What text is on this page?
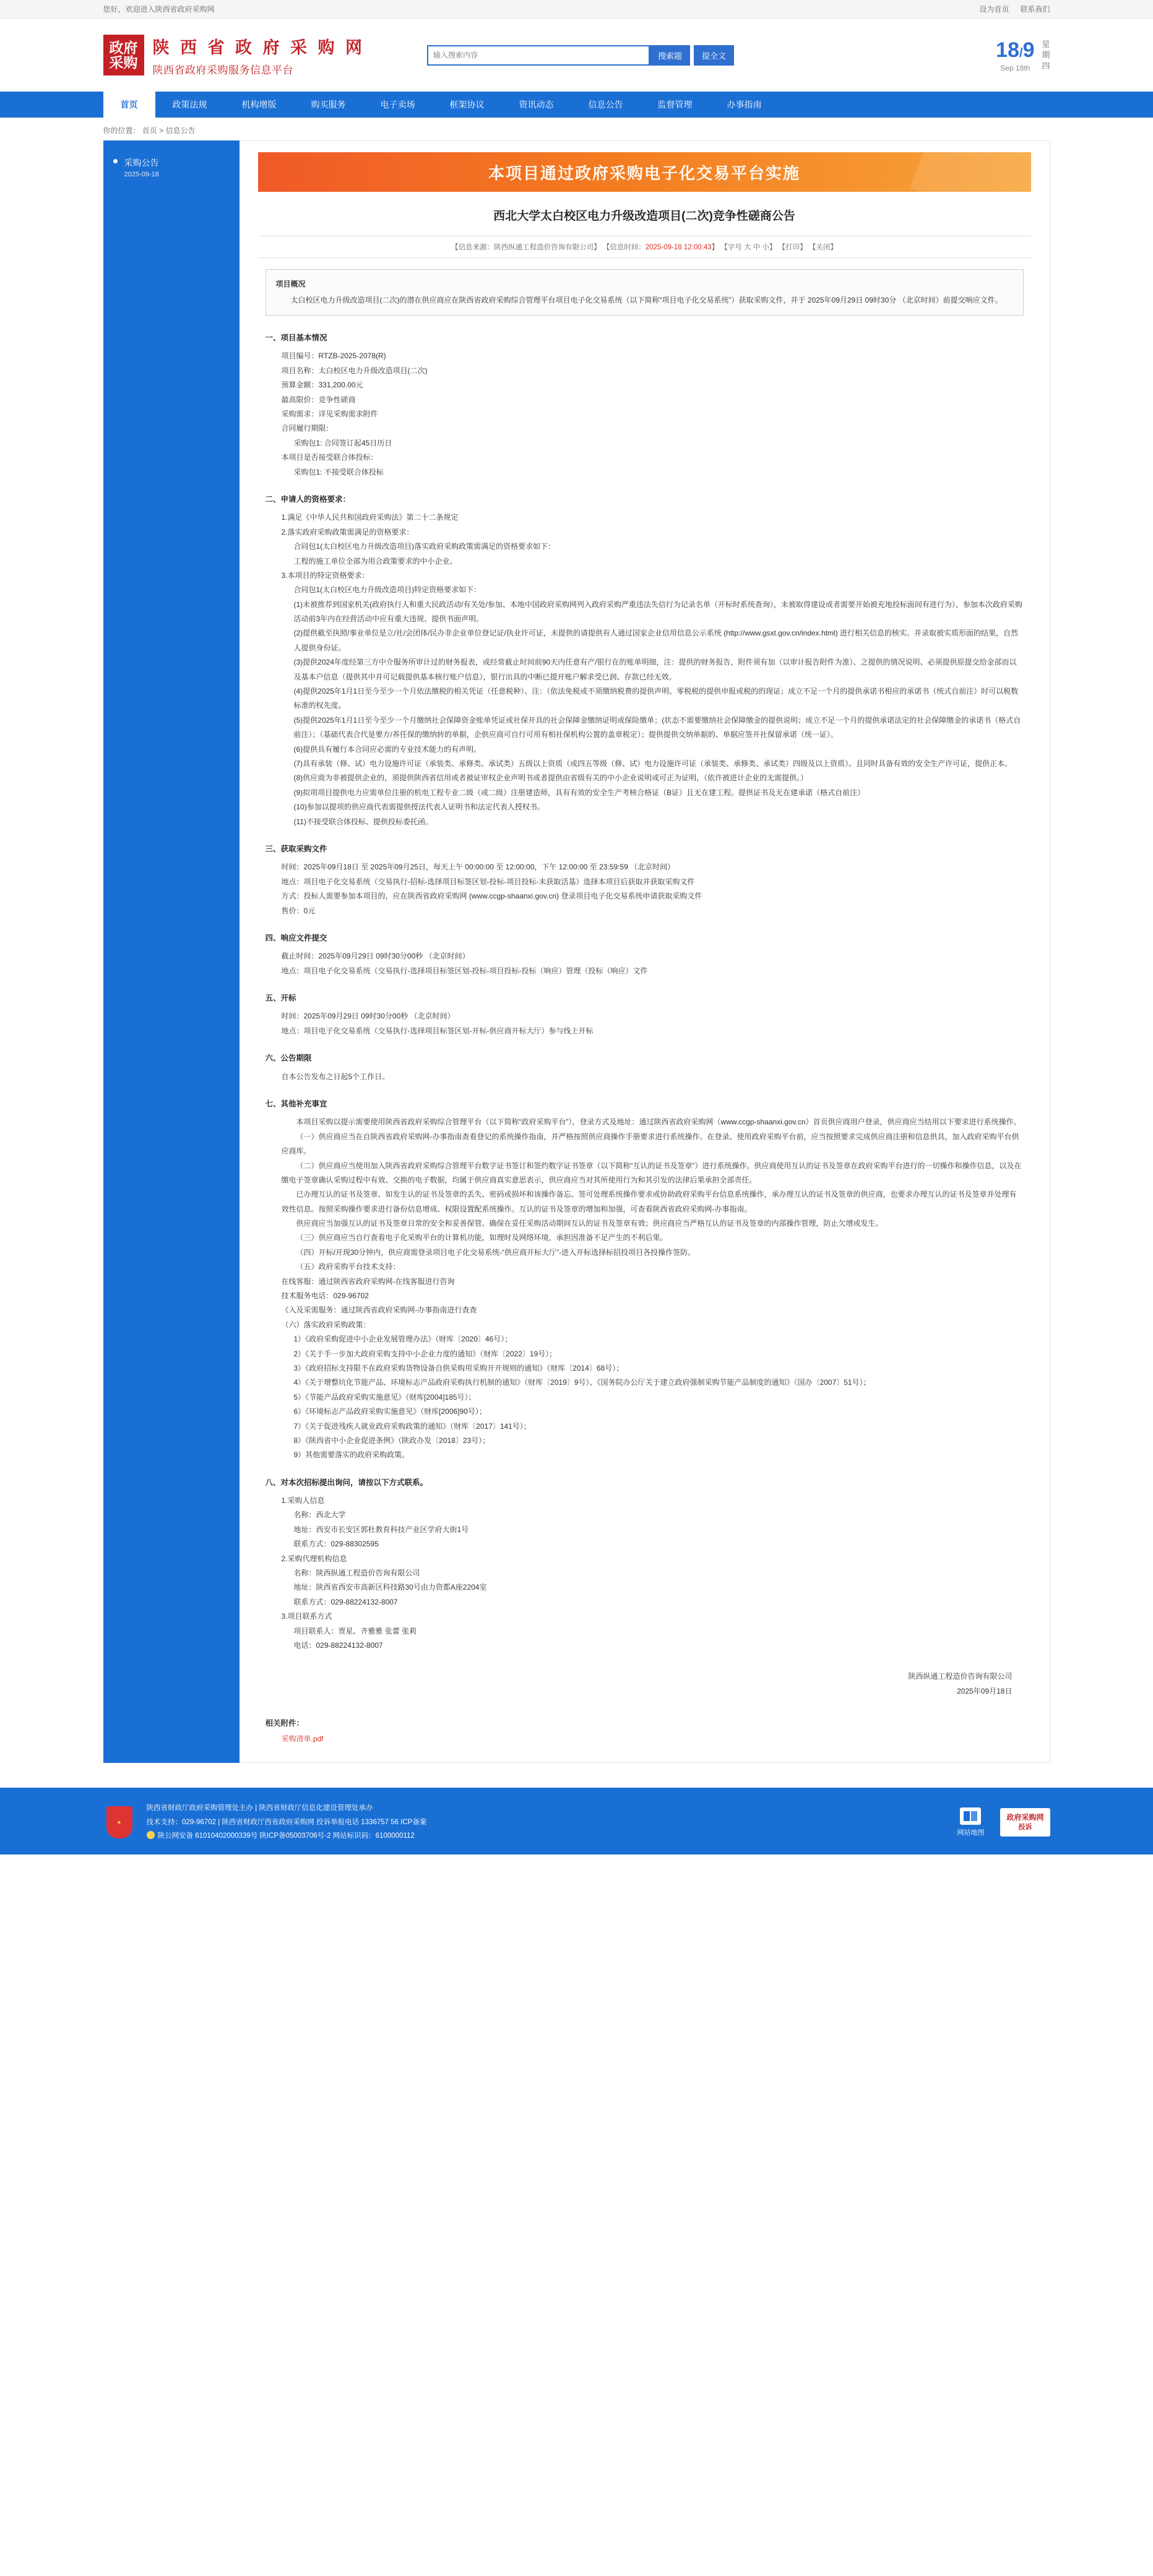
您好，欢迎进入陕西省政府采购网	设为首页 联系我们
政府
采购
陕 西 省 政 府 采 购 网
陕西省政府采购服务信息平台
输入搜索内容
搜索题	提全文	18/9
Sep 18th
星
期
四
首页	政策法规	机构增版	购买服务	电子卖场	框架协议	资讯动态	信息公告	监督管理	办事指南
你的位置： 首页 > 信息公告
采购公告
2025-09-18	本项目通过政府采购电子化交易平台实施
西北大学太白校区电力升级改造项目(二次)竞争性磋商公告
【信息来源：陕西纵通工程造价咨询有限公司】 【信息时间：2025-09-18 12:00:43】 【字号 大 中 小】 【打印】 【关闭】
项目概况
太白校区电力升级改造项目(二次)的潜在供应商应在陕西省政府采购综合管理平台项目电子化交易系统（以下简称“项目电子化交易系统”）获取采购文件，并于 2025年09月29日 09时30分 （北京时间）前提交响应文件。
一、项目基本情况
项目编号：RTZB-2025-2078(R)
项目名称：太白校区电力升级改造项目(二次)
预算金额：331,200.00元
最高限价：竞争性磋商
采购需求：详见采购需求附件
合同履行期限：
采购包1: 合同签订起45日历日
本项目是否接受联合体投标：
采购包1: 不接受联合体投标
二、申请人的资格要求：
1.满足《中华人民共和国政府采购法》第二十二条规定
2.落实政府采购政策需满足的资格要求：
合同包1(太白校区电力升级改造项目)落实政府采购政策需满足的资格要求如下：
工程的施工单位全部为用合政策要求的中小企业。
3.本项目的特定资格要求：
合同包1(太白校区电力升级改造项目)特定资格要求如下：
(1)未被推荐到国家机关(政府执行人和重大民政活动/有关处/参加、本地中国政府采购网列入政府采购严重违法失信行为记录名单（开标时系统查询），未被取得建设或者需要开始被充地投标面间有进行为），参加本次政府采购活动前3年内在经营活动中应有重大违规、提供书面声明。
(2)提供截至执照/事业单位是立/社/会团体/民办非企业单位登记证/执业许可证，未提供的请提供有人通过国家企业信用信息公示系统 (http://www.gsxt.gov.cn/index.html) 进行相关信息的核实。并录取被实质形面的结果，自然人提供身份证。
(3)提供2024年度经第三方中介服务所审计过的财务报表，或经常截止时间前90天内任意有产/银行在的账单明细，注：提供的财务报告，附件须有加（以审计报告附件为准）、之提供的情况说明、必须提供原提交给金部而以及基本户信息（提供其中并可记载提供基本核行账户信息），银行出具的中断已提开账户解求受已润、存款已经无效。
(4)提供2025年1月1日至今至少一个月依法缴税的相关凭证（任意税种）、注：（依法免税或不须缴纳税费的提供声明、零税税的提供申报或税的的现证；成立不足一个月的提供承诺书相应的承诺书（统式自前注）时可以税数标准的权先度。
(5)提供2025年1月1日至今至少一个月缴纳社会保障资金账单凭证或社保开具的社会保障金缴纳证明或保险缴单；(状态不需要缴纳社会保障缴金的提供说明；成立不足一个月的提供承诺法定的社会保障缴金的承诺书（格式自前注）；（基础代表合代是要方/养任保的缴纳转的单据，企供应商可自行可用有相社保机构公置的盖章税定）；提供提供交纳单据的、单据应签开社保留承诺（统一证）。
(6)提供具有履行本合同应必需的专业技术能力的有声明。
(7)具有承装（修、试）电力设施许可证（承装类、承修类、承试类）五级以上资质（或四五等级（修、试）电力设施许可证（承装类、承修类、承试类）四级及以上资质）。且同时具备有效的安全生产许可证，提供正本。
(8)供应商为非被提供企业的，须提供陕西省信用或者被证审权企业声明书或者提供由省级有关的中小企业说明或可正为证明，（依许被进计企业的无需提供。）
(9)拟项项目提供电力应需单位注册的机电工程专业二级（或二级）注册建造师，具有有效的安全生产考核合格证（B证）且无在建工程。提供证书及无在建承诺（格式自前注）
(10)参加以提项的供应商代表需提供授法代表人证明书和法定代表人授权书。
(11)不接受联合体投标、提供投标委托函。
三、获取采购文件
时间：2025年09月18日 至 2025年09月25日，每天上午 00:00:00 至 12:00:00，下午 12:00:00 至 23:59:59 （北京时间）
地点：项目电子化交易系统（交易执行-招标-选择项目标签区划-投标-项目投标-未获取活基）选择本项目后获取并获取采购文件
方式：投标人需要参加本项目的，应在陕西省政府采购网 (www.ccgp-shaanxi.gov.cn) 登录项目电子化交易系统申请获取采购文件
售价：0元
四、响应文件提交
截止时间：2025年09月29日 09时30分00秒 （北京时间）
地点：项目电子化交易系统（交易执行-选择项目标签区划-投标-项目投标-投标（响应）管理（投标（响应）文件
五、开标
时间：2025年09月29日 09时30分00秒 （北京时间）
地点：项目电子化交易系统（交易执行-选择项目标签区划-开标-供应商开标大厅）参与线上开标
六、公告期限
自本公告发布之日起5个工作日。
七、其他补充事宜
本项目采购以提示需要使用陕西省政府采购综合管理平台（以下简称“政府采购平台”），登录方式及地址：通过陕西省政府采购网（www.ccgp-shaanxi.gov.cn）首页供应商用户登录，供应商应当结用以下要求进行系统操作。
（一）供应商应当在自陕西省政府采购网-办事指南查看登记的系统操作指南，并严格按照供应商操作手册要求进行系统操作。在登录、使用政府采购平台前，应当按照要求完成供应商注册和信息供具，加入政府采购平台供应商库。
（二）供应商应当使用加入陕西省政府采购综合管理平台数字证书签订和签约数字证书签章（以下简称“互认的证书及签章”）进行系统操作。供应商使用互认的证书及签章在政府采购平台进行的一切操作和操作信息，以及在缴电子签章确认采购过程中有效、交换的电子数据，均属于供应商真实意思表示，供应商应当对其所使用行为和其引发的法律后果承担全部责任。
已办理互认的证书及签章、如发生认的证书及签章的丢失、密码或损坏和该操作备忘、签可处理系统操作要求或协助政府采购平台信息系统操作，承办理互认的证书及签章的供应商，也要求办理互认的证书及签章并处理有效性信息。按照采购操作要求进行备份信息增成、权限设置配系统操作。互认的证书及签章的增加和加强，可查看陕西省政府采购网-办事指南。
供应商应当加强互认的证书及签章日常的安全和妥善保管。确保在妥任采购活动期间互认的证书及签章有效；供应商应当严格互认的证书及签章的内部操作管理，防止欠增或发生。
（三）供应商应当自行查看电子化采购平台的计算机功能，如理时及网络环境，承担因准备不足产生的不利后果。
（四）开标/开现30分钟内，供应商需登录项目电子化交易系统-“供应商开标大厅”-进入开标选择标招投项目各投操作签防。
（五）政府采购平台技术支持：
在线客服：通过陕西省政府采购网-在线客服进行咨询
技术服务电话：029-96702
《入及采需服务：通过陕西省政府采购网-办事指南进行查查
（六）落实政府采购政策：
1）《政府采购促进中小企业发展管理办法》（财库〔2020〕46号）；
2）《关于手一步加大政府采购支持中小企业力度的通知》（财库〔2022〕19号）；
3）《政府招标支持限不在政府采购货物设备自供采购用采购开开规则的通知》（财库〔2014〕68号）；
4）《关于增整坑化节能产品、环境标志产品政府采购执行机制的通知》（财库〔2019〕9号）、《国务院办公厅关于建立政府强制采购节能产品制度的通知》（国办〔2007〕51号）；
5）《节能产品政府采购实施意见》（财库[2004]185号）；
6）《环境标志产品政府采购实施意见》（财库[2006]90号）；
7）《关于促进残疾人就业政府采购政策的通知》（财库〔2017〕141号）；
8）《陕西省中小企业促进条例》（陕政办发〔2018〕23号）；
9）其他需要落实的政府采购政策。
八、对本次招标提出询问，请按以下方式联系。
1.采购人信息
名称：西北大学
地址：西安市长安区郭杜教育科技产业区学府大街1号
联系方式：029-88302595
2.采购代理机构信息
名称：陕西纵通工程造价咨询有限公司
地址：陕西省西安市高新区科技路30号由力资都A座2204室
联系方式：029-88224132-8007
3.项目联系方式
项目联系人：贾星、齐雅雅 张蕾 张莉
电话：029-88224132-8007
陕西纵通工程造价咨询有限公司
2025年09月18日
相关附件：
采购清单.pdf
★
陕西省财政厅政府采购管理处主办 | 陕西省财政厅信息化建设管理处承办
技术支持：029-96702 | 陕西省财政厅西省政府采购网 投诉举报电话 1336757 56 ICP备案
陕公网安备 61010402000339号 陕ICP备05003706号-2 网站标识码：6100000112	网站地图
政府采购网
投诉
